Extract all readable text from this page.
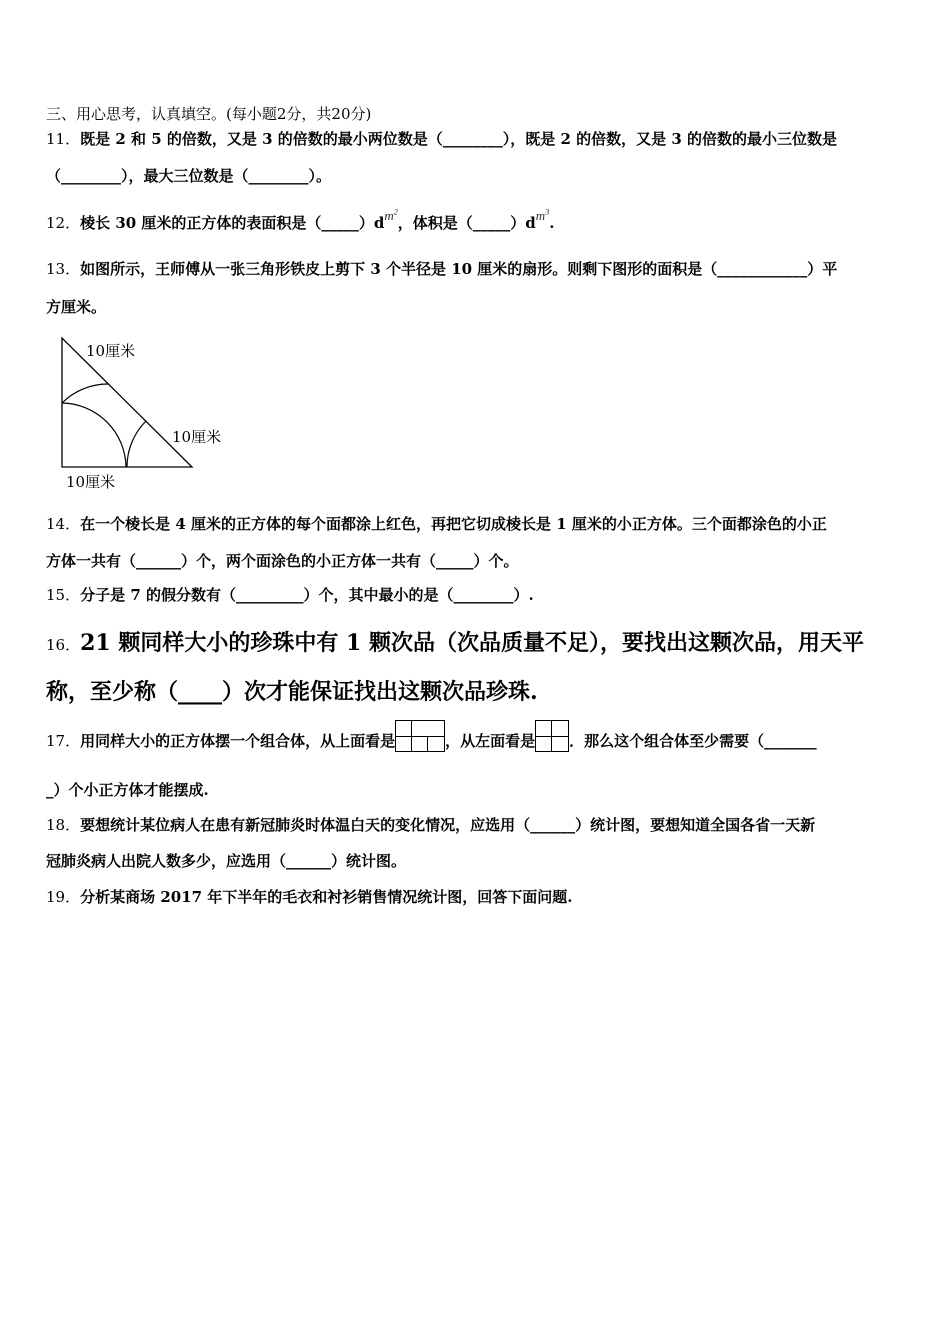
三、用心思考，认真填空。(每小题2分，共20分)
11．既是 2 和 5 的倍数，又是 3 的倍数的最小两位数是（________），既是 2 的倍数，又是 3 的倍数的最小三位数是
（________），最大三位数是（________）。
12．棱长 30 厘米的正方体的表面积是$(\_\_\_\_\_)dm^2$，体积是$(\_\_\_\_\_)dm^3$.
13．如图所示，王师傅从一张三角形铁皮上剪下 3 个半径是 10 厘米的扇形。则剩下图形的面积是（____________）平
方厘米。
10厘米
10厘米
10厘米
14．在一个棱长是 4 厘米的正方体的每个面都涂上红色，再把它切成棱长是 1 厘米的小正方体。三个面都涂色的小正
方体一共有（______）个，两个面涂色的小正方体一共有（_____）个。
15．分子是 7 的假分数有（_________）个，其中最小的是（________）.
16．21 颗同样大小的珍珠中有 1 颗次品（次品质量不足），要找出这颗次品，用天平
称，至少称（____）次才能保证找出这颗次品珍珠.
17．用同样大小的正方体摆一个组合体，从上面看是	，从左面看是 ．那么这个组合体至少需要（_______
_）个小正方体才能摆成.
18．要想统计某位病人在患有新冠肺炎时体温白天的变化情况，应选用（______）统计图，要想知道全国各省一天新
冠肺炎病人出院人数多少，应选用（______）统计图。
19．分析某商场 2017 年下半年的毛衣和衬衫销售情况统计图，回答下面问题.
